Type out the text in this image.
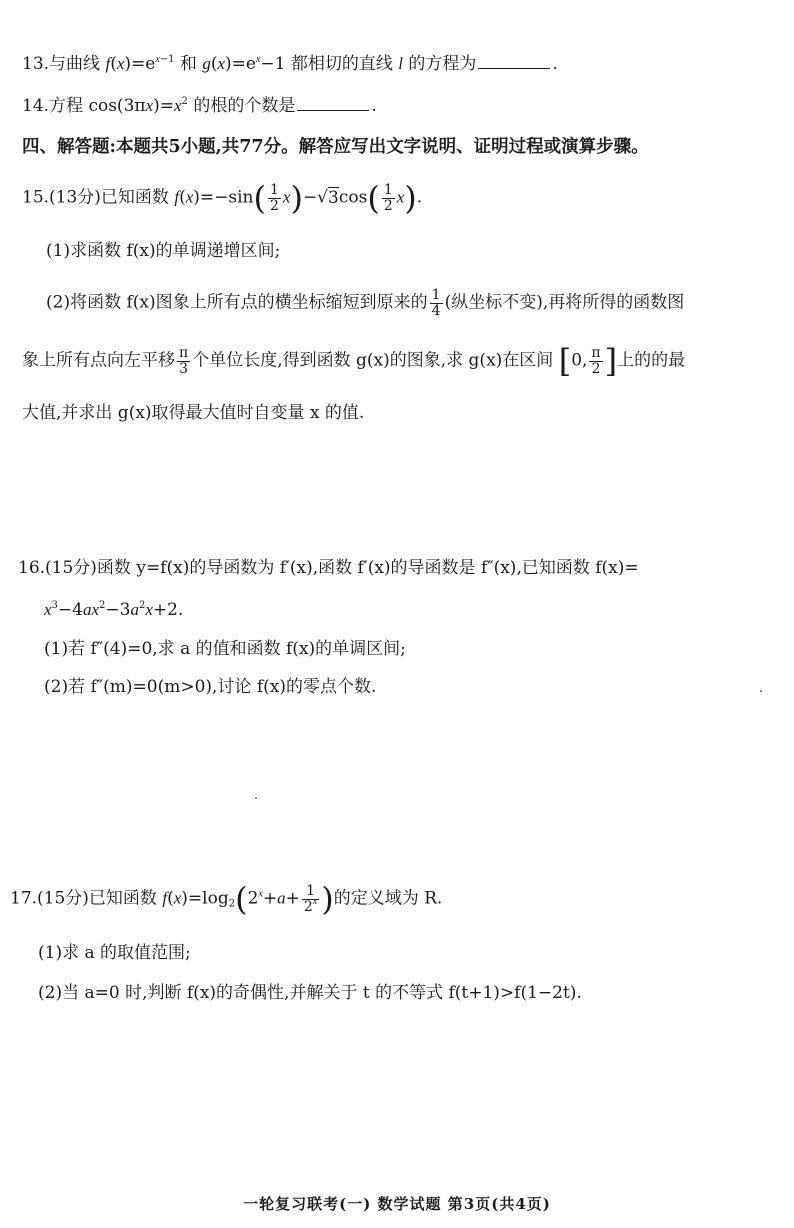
13.与曲线 $f(x)=e^{x-1}$ 和 $g(x)=e^x-1$ 都相切的直线 l 的方程为	.
14.方程 $\cos(3\pi x)=x^2$ 的根的个数是	.
四、解答题:本题共5小题,共77分。解答应写出文字说明、证明过程或演算步骤。
15.(13分)已知函数 $f(x)=-\sin( \frac{1}{2} x)-√3\cos( \frac{1}{2} x)$.
(1)求函数 f(x)的单调递增区间;
(2)将函数 f(x)图象上所有点的横坐标缩短到原来的 $\frac{1}{4}$ (纵坐标不变),再将所得的函数图
象上所有点向左平移 $\frac{\pi}{3}$ 个单位长度,得到函数 g(x)的图象,求 g(x)在区间 [0, $\frac{\pi}{2}$ ]上的的最
大值,并求出 g(x)取得最大值时自变量 x 的值.
16.(15分)函数 y=f(x)的导函数为 f′(x),函数 f′(x)的导函数是 f″(x),已知函数 f(x)=
$x^3-4ax^2-3a^2x+2$.
(1)若 f″(4)=0,求 a 的值和函数 f(x)的单调区间;
(2)若 f″(m)=0(m>0),讨论 f(x)的零点个数.
17.(15分)已知函数 $f(x)=\log_2(2^x+a+ \frac{1}{2^x}$ )的定义域为 R.
(1)求 a 的取值范围;
(2)当 a=0 时,判断 f(x)的奇偶性,并解关于 t 的不等式 f(t+1)>f(1−2t).
一轮复习联考(一) 数学试题 第3页(共4页)
